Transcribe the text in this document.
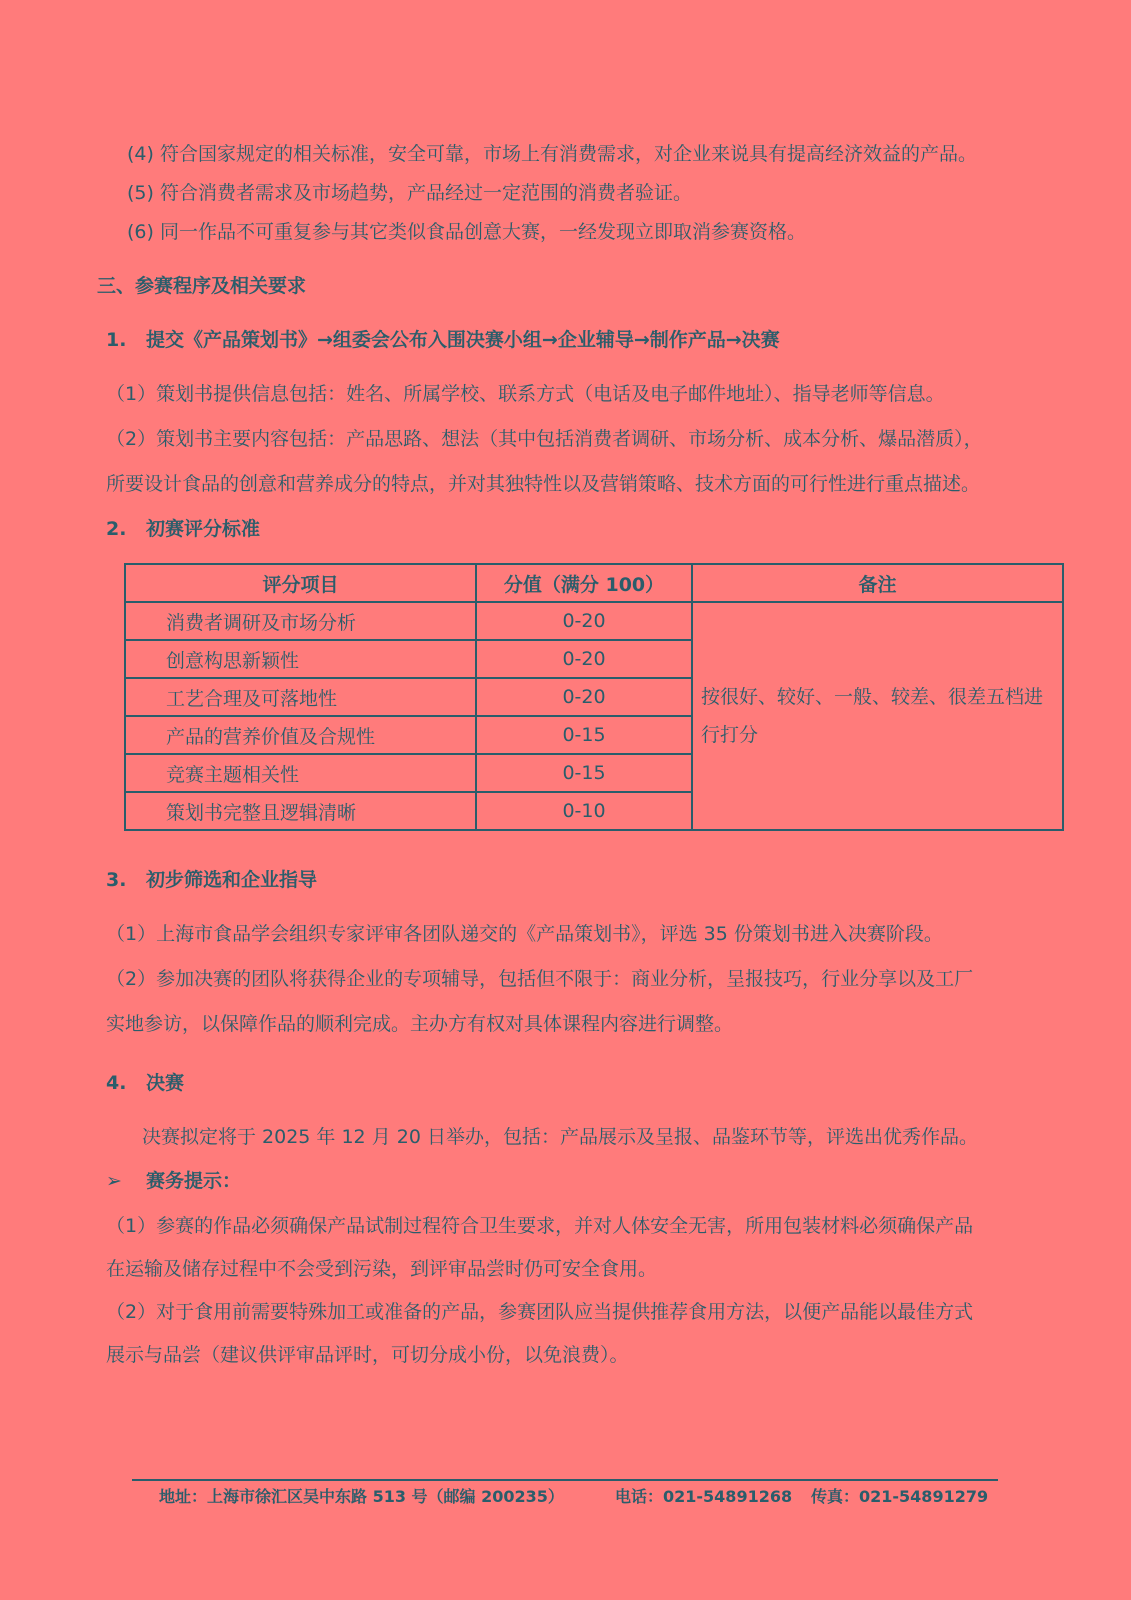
(4) 符合国家规定的相关标准，安全可靠，市场上有消费需求，对企业来说具有提高经济效益的产品。
(5) 符合消费者需求及市场趋势，产品经过一定范围的消费者验证。
(6) 同一作品不可重复参与其它类似食品创意大赛，一经发现立即取消参赛资格。
三、参赛程序及相关要求
1. 提交《产品策划书》→组委会公布入围决赛小组→企业辅导→制作产品→决赛
（1）策划书提供信息包括：姓名、所属学校、联系方式（电话及电子邮件地址）、指导老师等信息。
（2）策划书主要内容包括：产品思路、想法（其中包括消费者调研、市场分析、成本分析、爆品潜质），
所要设计食品的创意和营养成分的特点，并对其独特性以及营销策略、技术方面的可行性进行重点描述。
2. 初赛评分标准
评分项目	分值（满分 100）	备注
消费者调研及市场分析	0-20	按很好、较好、一般、较差、很差五档进行打分
创意构思新颖性	0-20	
工艺合理及可落地性	0-20	
产品的营养价值及合规性	0-15	
竞赛主题相关性	0-15	
策划书完整且逻辑清晰	0-10	
3. 初步筛选和企业指导
（1）上海市食品学会组织专家评审各团队递交的《产品策划书》，评选 35 份策划书进入决赛阶段。
（2）参加决赛的团队将获得企业的专项辅导，包括但不限于：商业分析，呈报技巧，行业分享以及工厂
实地参访，以保障作品的顺利完成。主办方有权对具体课程内容进行调整。
4. 决赛
决赛拟定将于 2025 年 12 月 20 日举办，包括：产品展示及呈报、品鉴环节等，评选出优秀作品。
➢ 赛务提示：
（1）参赛的作品必须确保产品试制过程符合卫生要求，并对人体安全无害，所用包装材料必须确保产品
在运输及储存过程中不会受到污染，到评审品尝时仍可安全食用。
（2）对于食用前需要特殊加工或准备的产品，参赛团队应当提供推荐食用方法，以便产品能以最佳方式
展示与品尝（建议供评审品评时，可切分成小份，以免浪费）。
地址：上海市徐汇区吴中东路 513 号（邮编 200235）	电话：021-54891268 传真：021-54891279
